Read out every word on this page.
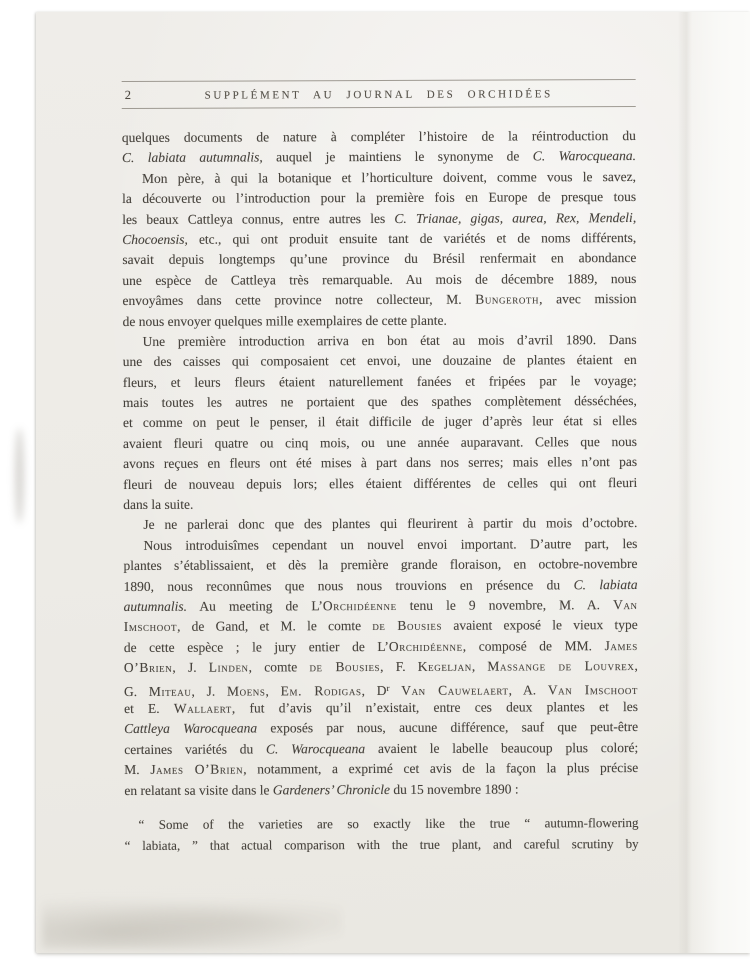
2	SUPPLÉMENT AU JOURNAL DES ORCHIDÉES
quelques documents de nature à compléter l’histoire de la réintroduction du
C. labiata autumnalis, auquel je maintiens le synonyme de C. Warocqueana.
Mon père, à qui la botanique et l’horticulture doivent, comme vous le savez,
la découverte ou l’introduction pour la première fois en Europe de presque tous
les beaux Cattleya connus, entre autres les C. Trianae, gigas, aurea, Rex, Mendeli,
Chocoensis, etc., qui ont produit ensuite tant de variétés et de noms différents,
savait depuis longtemps qu’une province du Brésil renfermait en abondance
une espèce de Cattleya très remarquable. Au mois de décembre 1889, nous
envoyâmes dans cette province notre collecteur, M. Bungeroth, avec mission
de nous envoyer quelques mille exemplaires de cette plante.
Une première introduction arriva en bon état au mois d’avril 1890. Dans
une des caisses qui composaient cet envoi, une douzaine de plantes étaient en
fleurs, et leurs fleurs étaient naturellement fanées et fripées par le voyage;
mais toutes les autres ne portaient que des spathes complètement désséchées,
et comme on peut le penser, il était difficile de juger d’après leur état si elles
avaient fleuri quatre ou cinq mois, ou une année auparavant. Celles que nous
avons reçues en fleurs ont été mises à part dans nos serres; mais elles n’ont pas
fleuri de nouveau depuis lors; elles étaient différentes de celles qui ont fleuri
dans la suite.
Je ne parlerai donc que des plantes qui fleurirent à partir du mois d’octobre.
Nous introduisîmes cependant un nouvel envoi important. D’autre part, les
plantes s’établissaient, et dès la première grande floraison, en octobre-novembre
1890, nous reconnûmes que nous nous trouvions en présence du C. labiata
autumnalis. Au meeting de L’Orchidéenne tenu le 9 novembre, M. A. Van
Imschoot, de Gand, et M. le comte de Bousies avaient exposé le vieux type
de cette espèce ; le jury entier de L’Orchidéenne, composé de MM. James
O’Brien, J. Linden, comte de Bousies, F. Kegeljan, Massange de Louvrex,
G. Miteau, J. Moens, Em. Rodigas, $D^r$ Van Cauwelaert, A. Van Imschoot
et E. Wallaert, fut d’avis qu’il n’existait, entre ces deux plantes et les
Cattleya Warocqueana exposés par nous, aucune différence, sauf que peut-être
certaines variétés du C. Warocqueana avaient le labelle beaucoup plus coloré;
M. James O’Brien, notamment, a exprimé cet avis de la façon la plus précise
en relatant sa visite dans le Gardeners’ Chronicle du 15 novembre 1890 :
“ Some of the varieties are so exactly like the true “ autumn-flowering
“ labiata, ” that actual comparison with the true plant, and careful scrutiny by
